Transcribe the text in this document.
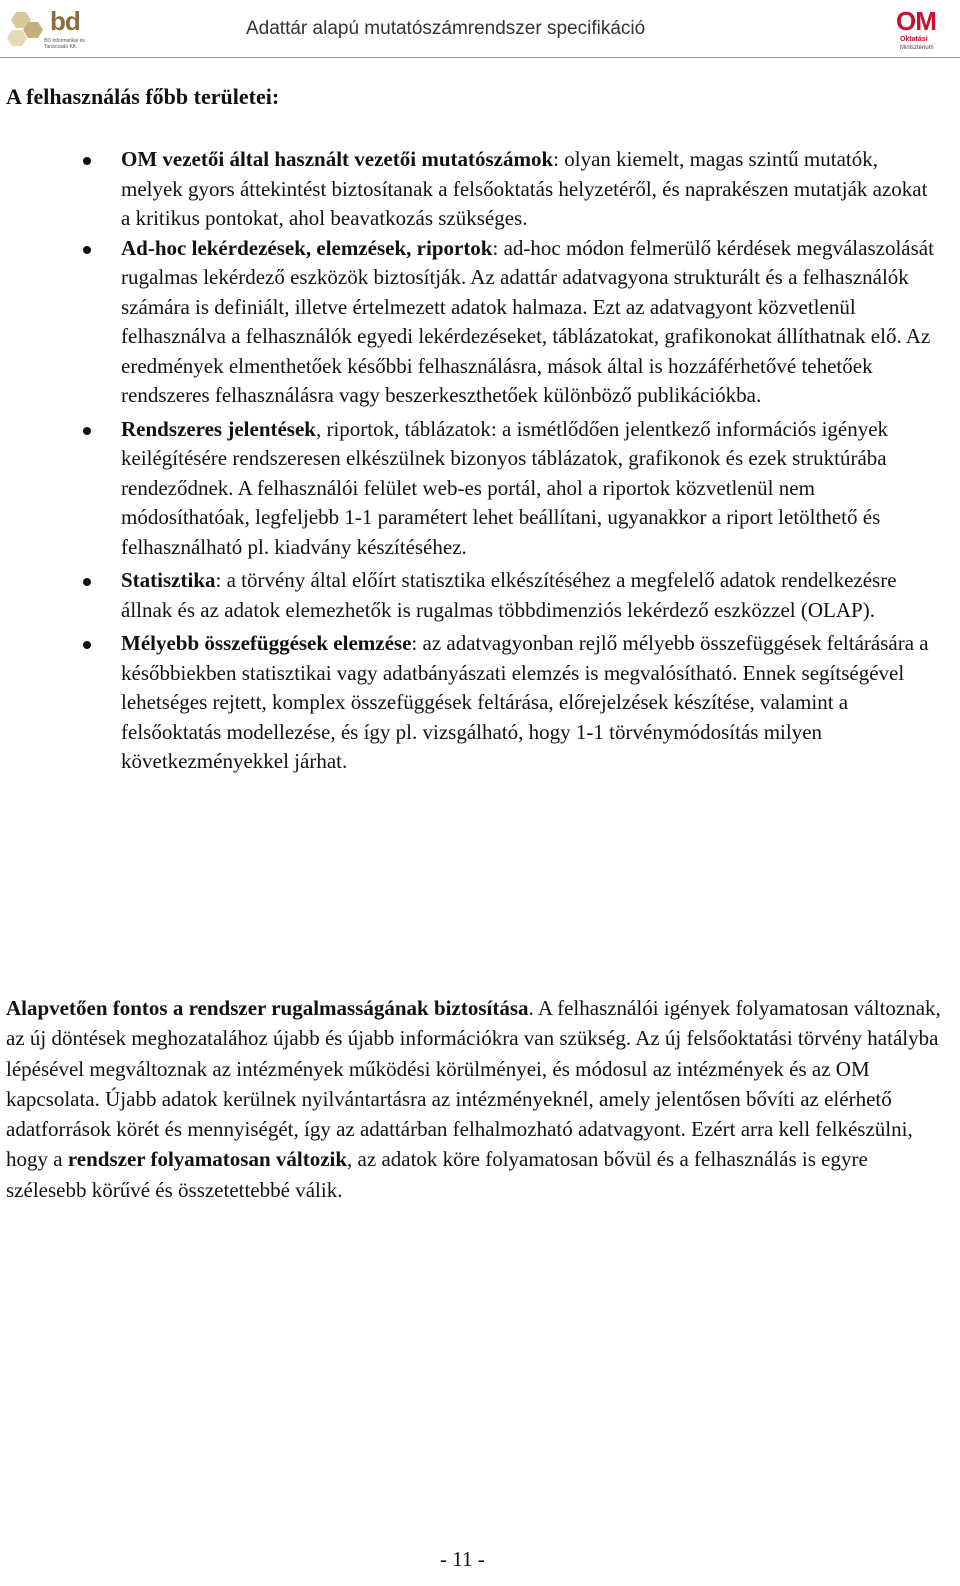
bd
BD Informatikai és Tanácsadó Kft.
Adattár alapú mutatószámrendszer specifikáció	OM
Oktatási
Minisztérium
A felhasználás főbb területei:
OM vezetői által használt vezetői mutatószámok: olyan kiemelt, magas szintű mutatók, melyek gyors áttekintést biztosítanak a felsőoktatás helyzetéről, és naprakészen mutatják azokat a kritikus pontokat, ahol beavatkozás szükséges.
Ad-hoc lekérdezések, elemzések, riportok: ad-hoc módon felmerülő kérdések megválaszolását rugalmas lekérdező eszközök biztosítják. Az adattár adatvagyona strukturált és a felhasználók számára is definiált, illetve értelmezett adatok halmaza. Ezt az adatvagyont közvetlenül felhasználva a felhasználók egyedi lekérdezéseket, táblázatokat, grafikonokat állíthatnak elő. Az eredmények elmenthetőek későbbi felhasználásra, mások által is hozzáférhetővé tehetőek rendszeres felhasználásra vagy beszerkeszthetőek különböző publikációkba.
Rendszeres jelentések, riportok, táblázatok: a ismétlődően jelentkező információs igények keilégítésére rendszeresen elkészülnek bizonyos táblázatok, grafikonok és ezek struktúrába rendeződnek. A felhasználói felület web-es portál, ahol a riportok közvetlenül nem módosíthatóak, legfeljebb 1-1 paramétert lehet beállítani, ugyanakkor a riport letölthető és felhasználható pl. kiadvány készítéséhez.
Statisztika: a törvény által előírt statisztika elkészítéséhez a megfelelő adatok rendelkezésre állnak és az adatok elemezhetők is rugalmas többdimenziós lekérdező eszközzel (OLAP).
Mélyebb összefüggések elemzése: az adatvagyonban rejlő mélyebb összefüggések feltárására a későbbiekben statisztikai vagy adatbányászati elemzés is megvalósítható. Ennek segítségével lehetséges rejtett, komplex összefüggések feltárása, előrejelzések készítése, valamint a felsőoktatás modellezése, és így pl. vizsgálható, hogy 1-1 törvénymódosítás milyen következményekkel járhat.
Alapvetően fontos a rendszer rugalmasságának biztosítása. A felhasználói igények folyamatosan változnak, az új döntések meghozatalához újabb és újabb információkra van szükség. Az új felsőoktatási törvény hatályba lépésével megváltoznak az intézmények működési körülményei, és módosul az intézmények és az OM kapcsolata. Újabb adatok kerülnek nyilvántartásra az intézményeknél, amely jelentősen bővíti az elérhető adatforrások körét és mennyiségét, így az adattárban felhalmozható adatvagyont. Ezért arra kell felkészülni, hogy a rendszer folyamatosan változik, az adatok köre folyamatosan bővül és a felhasználás is egyre szélesebb körűvé és összetettebbé válik.
- 11 -
